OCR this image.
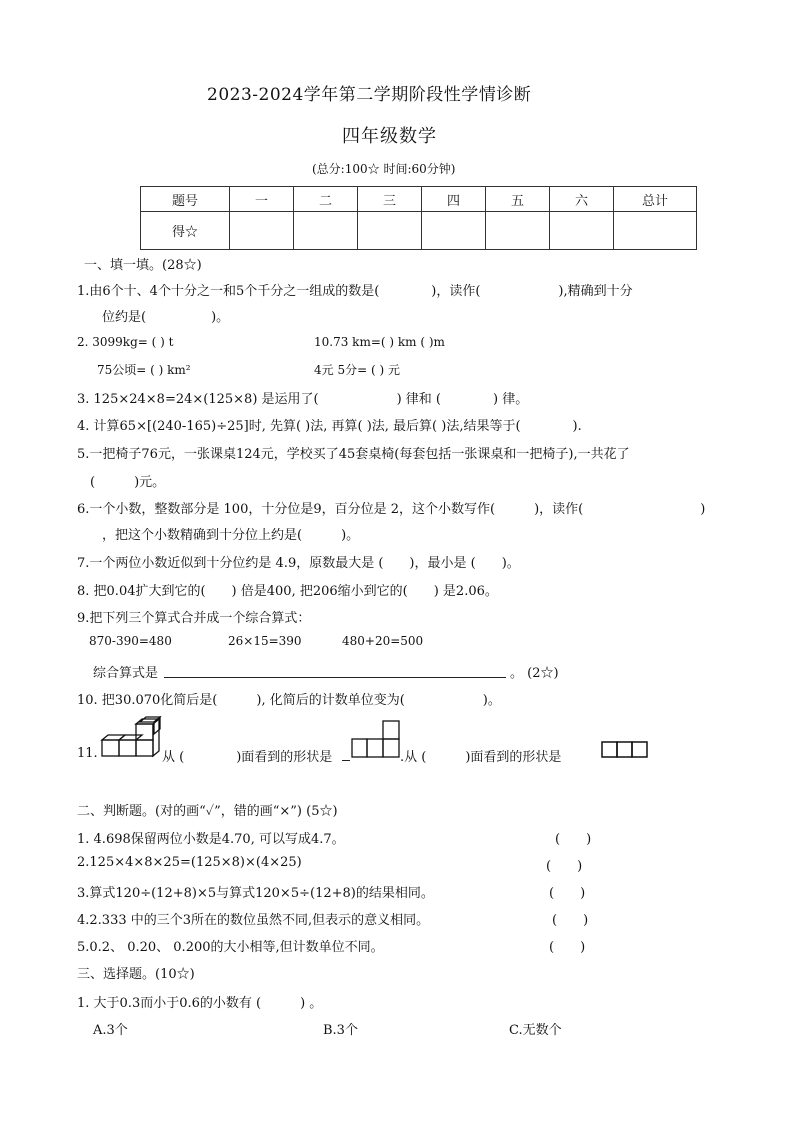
2023-2024学年第二学期阶段性学情诊断
四年级数学
(总分:100☆ 时间:60分钟)
题号	一	二	三	四	五	六	总计
得☆							
一、填一填。(28☆)
1.由6个十、4个十分之一和5个千分之一组成的数是(　　　　)，读作(　　　　　　),精确到十分
位约是(　　　　　)。
2. 3099kg= ( ) t	10.73 km=( ) km ( )m
75公顷= ( ) km²	4元 5分= ( ) 元
3. 125×24×8=24×(125×8) 是运用了(　　　　　　) 律和 (　　　　) 律。
4. 计算65×[(240-165)÷25]时, 先算( )法, 再算( )法, 最后算( )法,结果等于(　　　　).
5.一把椅子76元，一张课桌124元，学校买了45套桌椅(每套包括一张课桌和一把椅子),一共花了
(　　　)元。
6.一个小数，整数部分是 100，十分位是9，百分位是 2，这个小数写作(　　　)，读作(　　　　　　　　　)
，把这个小数精确到十分位上约是(　　　)。
7.一个两位小数近似到十分位约是 4.9，原数最大是 (　　)，最小是 (　　)。
8. 把0.04扩大到它的(　　) 倍是400, 把206缩小到它的(　　) 是2.06。
9.把下列三个算式合并成一个综合算式：
870-390=480	26×15=390	480+20=500
综合算式是	。 (2☆)
10. 把30.070化简后是(　　　), 化简后的计数单位变为(　　　　　　)。
11.	从 (　　　　)面看到的形状是	.从 (　　　)面看到的形状是
二、判断题。(对的画“✓”，错的画“×”) (5☆)
1. 4.698保留两位小数是4.70, 可以写成4.7。	(　　)
2.125×4×8×25=(125×8)×(4×25)	(　　)
3.算式120÷(12+8)×5与算式120×5÷(12+8)的结果相同。	(　　)
4.2.333 中的三个3所在的数位虽然不同,但表示的意义相同。	(　　)
5.0.2、 0.20、 0.200的大小相等,但计数单位不同。	(　　)
三、选择题。(10☆)
1. 大于0.3而小于0.6的小数有 (　　　) 。
A.3个	B.3个	C.无数个
